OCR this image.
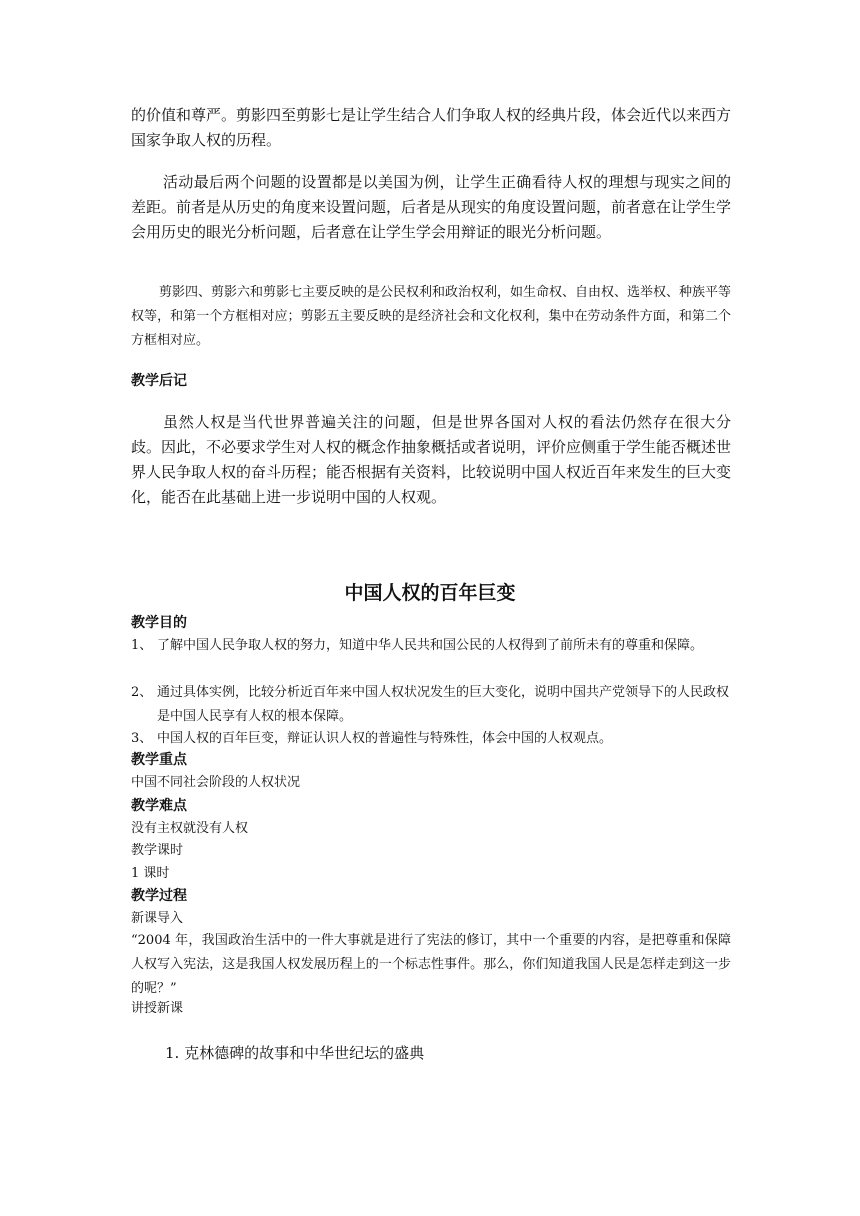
的价值和尊严。剪影四至剪影七是让学生结合人们争取人权的经典片段，体会近代以来西方国家争取人权的历程。

活动最后两个问题的设置都是以美国为例，让学生正确看待人权的理想与现实之间的差距。前者是从历史的角度来设置问题，后者是从现实的角度设置问题，前者意在让学生学会用历史的眼光分析问题，后者意在让学生学会用辩证的眼光分析问题。

剪影四、剪影六和剪影七主要反映的是公民权利和政治权利，如生命权、自由权、选举权、种族平等权等，和第一个方框相对应；剪影五主要反映的是经济社会和文化权利，集中在劳动条件方面，和第二个方框相对应。

教学后记

虽然人权是当代世界普遍关注的问题，但是世界各国对人权的看法仍然存在很大分歧。因此，不必要求学生对人权的概念作抽象概括或者说明，评价应侧重于学生能否概述世界人民争取人权的奋斗历程；能否根据有关资料，比较说明中国人权近百年来发生的巨大变化，能否在此基础上进一步说明中国的人权观。

中国人权的百年巨变
教学目的
1、 了解中国人民争取人权的努力，知道中华人民共和国公民的人权得到了前所未有的尊重和保障。
2、 通过具体实例，比较分析近百年来中国人权状况发生的巨大变化，说明中国共产党领导下的人民政权是中国人民享有人权的根本保障。
3、 中国人权的百年巨变，辩证认识人权的普遍性与特殊性，体会中国的人权观点。
教学重点
中国不同社会阶段的人权状况
教学难点
没有主权就没有人权
教学课时
1 课时
教学过程
新课导入

“2004 年，我国政治生活中的一件大事就是进行了宪法的修订，其中一个重要的内容，是把尊重和保障人权写入宪法，这是我国人权发展历程上的一个标志性事件。那么，你们知道我国人民是怎样走到这一步的呢？”

讲授新课
1. 克林德碑的故事和中华世纪坛的盛典
